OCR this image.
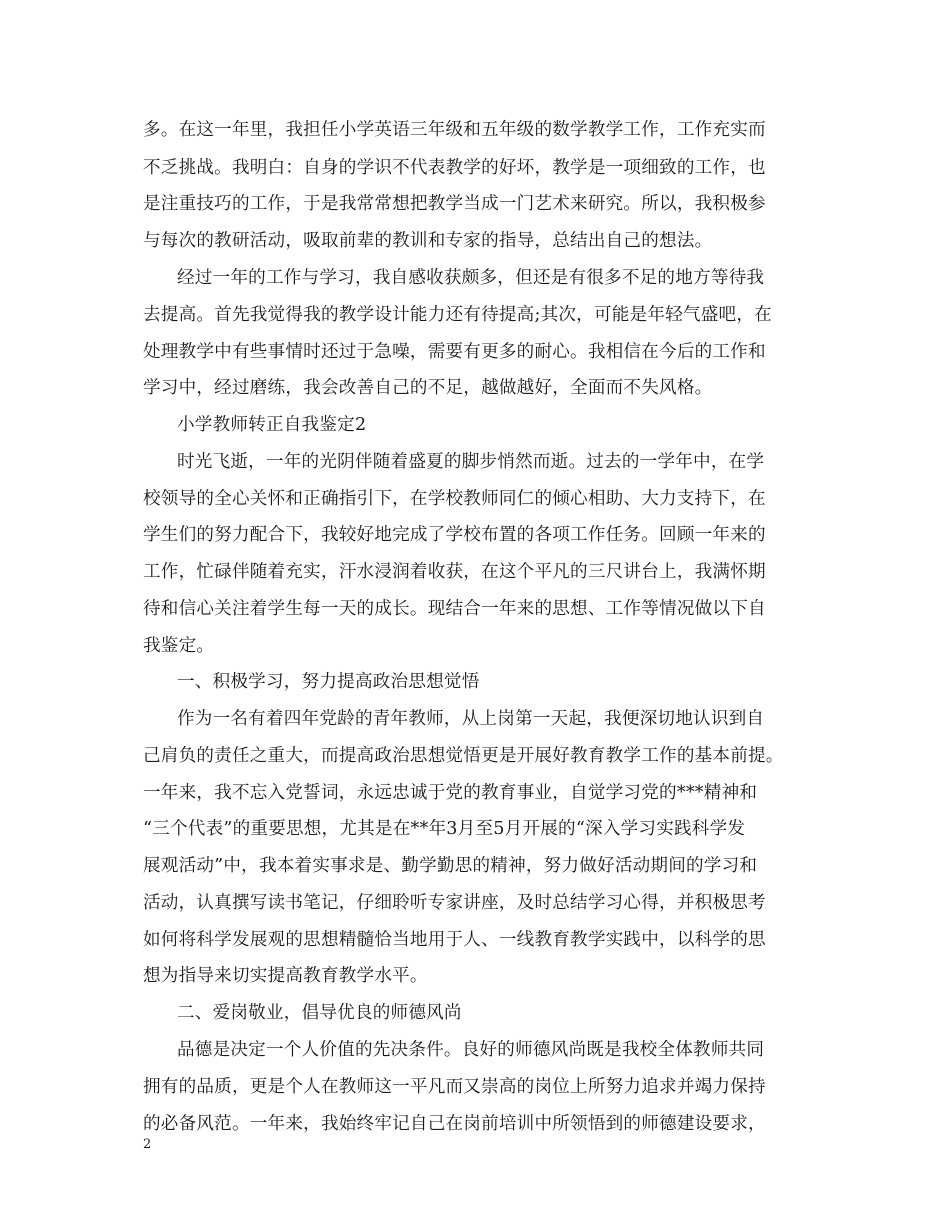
多。在这一年里，我担任小学英语三年级和五年级的数学教学工作，工作充实而
不乏挑战。我明白：自身的学识不代表教学的好坏，教学是一项细致的工作，也
是注重技巧的工作，于是我常常想把教学当成一门艺术来研究。所以，我积极参
与每次的教研活动，吸取前辈的教训和专家的指导，总结出自己的想法。
经过一年的工作与学习，我自感收获颇多，但还是有很多不足的地方等待我
去提高。首先我觉得我的教学设计能力还有待提高;其次，可能是年轻气盛吧，在
处理教学中有些事情时还过于急噪，需要有更多的耐心。我相信在今后的工作和
学习中，经过磨练，我会改善自己的不足，越做越好，全面而不失风格。
小学教师转正自我鉴定2
时光飞逝，一年的光阴伴随着盛夏的脚步悄然而逝。过去的一学年中，在学
校领导的全心关怀和正确指引下，在学校教师同仁的倾心相助、大力支持下，在
学生们的努力配合下，我较好地完成了学校布置的各项工作任务。回顾一年来的
工作，忙碌伴随着充实，汗水浸润着收获，在这个平凡的三尺讲台上，我满怀期
待和信心关注着学生每一天的成长。现结合一年来的思想、工作等情况做以下自
我鉴定。
一、积极学习，努力提高政治思想觉悟
作为一名有着四年党龄的青年教师，从上岗第一天起，我便深切地认识到自
己肩负的责任之重大，而提高政治思想觉悟更是开展好教育教学工作的基本前提。
一年来，我不忘入党誓词，永远忠诚于党的教育事业，自觉学习党的***精神和
“三个代表”的重要思想，尤其是在**年3月至5月开展的“深入学习实践科学发
展观活动”中，我本着实事求是、勤学勤思的精神，努力做好活动期间的学习和
活动，认真撰写读书笔记，仔细聆听专家讲座，及时总结学习心得，并积极思考
如何将科学发展观的思想精髓恰当地用于人、一线教育教学实践中，以科学的思
想为指导来切实提高教育教学水平。
二、爱岗敬业，倡导优良的师德风尚
品德是决定一个人价值的先决条件。良好的师德风尚既是我校全体教师共同
拥有的品质，更是个人在教师这一平凡而又崇高的岗位上所努力追求并竭力保持
的必备风范。一年来，我始终牢记自己在岗前培训中所领悟到的师德建设要求，
2
